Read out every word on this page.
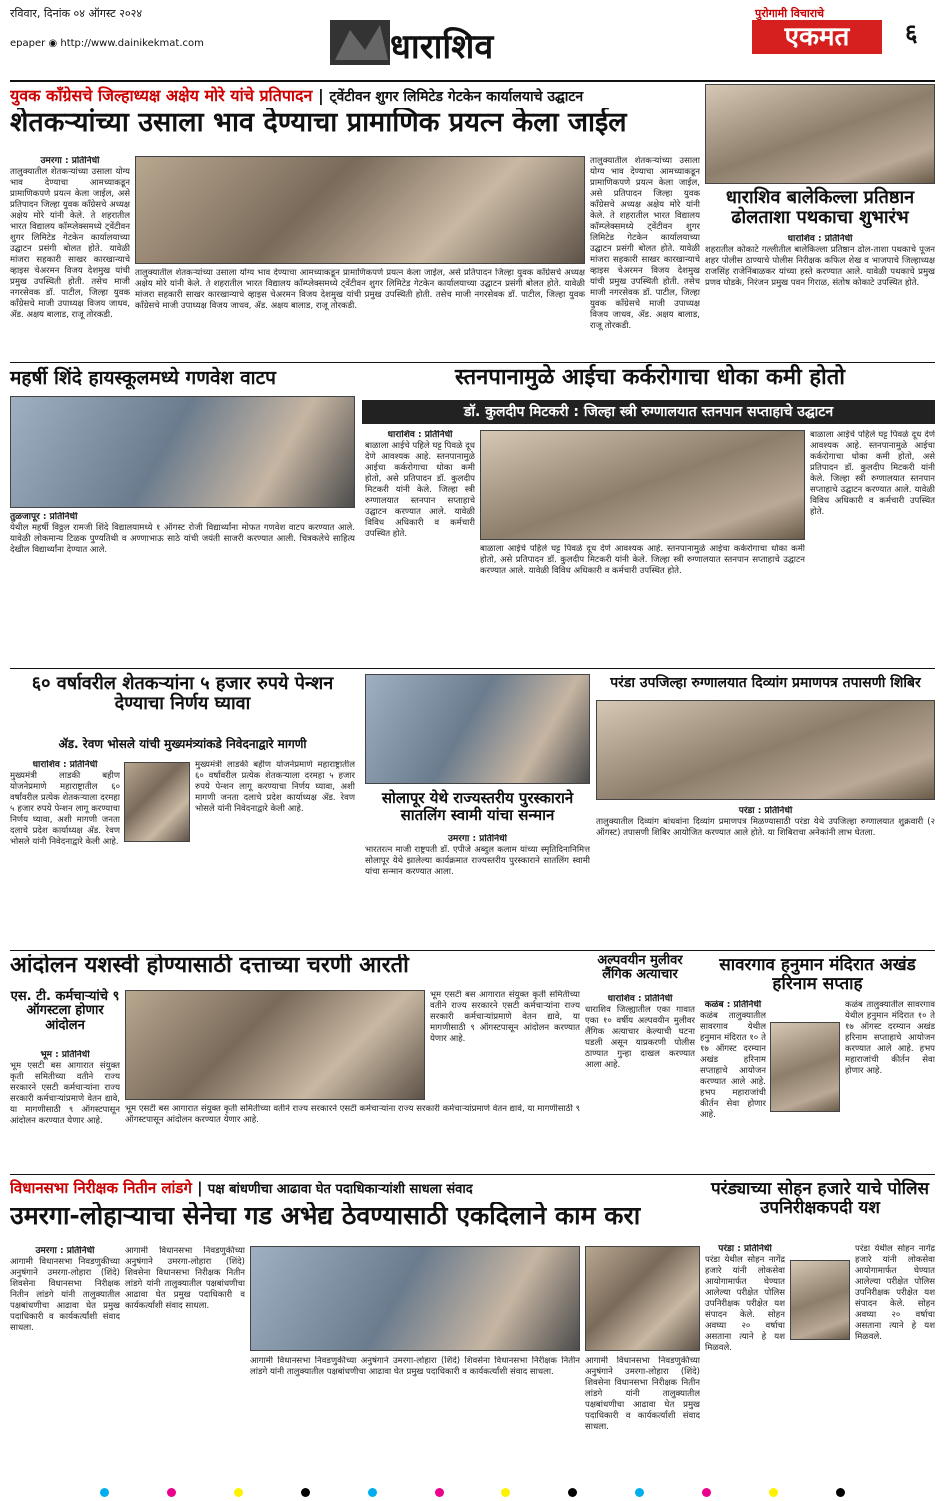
रविवार, दिनांक ०४ ऑगस्ट २०२४
epaper ◉ http://www.dainikekmat.com	धाराशिव
पुरोगामी विचाराचे
एकमत	६
युवक काँग्रेसचे जिल्हाध्यक्ष अक्षेय मोरे यांचे प्रतिपादन | ट्वेंटीवन शुगर लिमिटेड गेटकेन कार्यालयाचे उद्घाटन
शेतकऱ्यांच्या उसाला भाव देण्याचा प्रामाणिक प्रयत्न केला जाईल
उमरगा : प्रतिनिधी
तालुक्यातील शेतकऱ्यांच्या उसाला योग्य भाव देण्याचा आमच्याकडून प्रामाणिकपणे प्रयत्न केला जाईल, असे प्रतिपादन जिल्हा युवक काँग्रेसचे अध्यक्ष अक्षेय मोरे यांनी केले. ते शहरातील भारत विद्यालय कॉम्प्लेक्समध्ये ट्वेंटीवन शुगर लिमिटेड गेटकेन कार्यालयाच्या उद्घाटन प्रसंगी बोलत होते. यावेळी मांजरा सहकारी साखर कारखान्याचे व्हाइस चेअरमन विजय देशमुख यांची प्रमुख उपस्थिती होती. तसेच माजी नगरसेवक डॉ. पाटील, जिल्हा युवक काँग्रेसचे माजी उपाध्यक्ष विजय जाधव, ॲड. अक्षय बालाड, राजू तोरकडी.
तालुक्यातील शेतकऱ्यांच्या उसाला योग्य भाव देण्याचा आमच्याकडून प्रामाणिकपणे प्रयत्न केला जाईल, असे प्रतिपादन जिल्हा युवक काँग्रेसचे अध्यक्ष अक्षेय मोरे यांनी केले. ते शहरातील भारत विद्यालय कॉम्प्लेक्समध्ये ट्वेंटीवन शुगर लिमिटेड गेटकेन कार्यालयाच्या उद्घाटन प्रसंगी बोलत होते. यावेळी मांजरा सहकारी साखर कारखान्याचे व्हाइस चेअरमन विजय देशमुख यांची प्रमुख उपस्थिती होती. तसेच माजी नगरसेवक डॉ. पाटील, जिल्हा युवक काँग्रेसचे माजी उपाध्यक्ष विजय जाधव, ॲड. अक्षय बालाड, राजू तोरकडी.
तालुक्यातील शेतकऱ्यांच्या उसाला योग्य भाव देण्याचा आमच्याकडून प्रामाणिकपणे प्रयत्न केला जाईल, असे प्रतिपादन जिल्हा युवक काँग्रेसचे अध्यक्ष अक्षेय मोरे यांनी केले. ते शहरातील भारत विद्यालय कॉम्प्लेक्समध्ये ट्वेंटीवन शुगर लिमिटेड गेटकेन कार्यालयाच्या उद्घाटन प्रसंगी बोलत होते. यावेळी मांजरा सहकारी साखर कारखान्याचे व्हाइस चेअरमन विजय देशमुख यांची प्रमुख उपस्थिती होती. तसेच माजी नगरसेवक डॉ. पाटील, जिल्हा युवक काँग्रेसचे माजी उपाध्यक्ष विजय जाधव, ॲड. अक्षय बालाड, राजू तोरकडी.
धाराशिव बालेकिल्ला प्रतिष्ठान ढोलताशा पथकाचा शुभारंभ
धाराशिव : प्रतिनिधी
शहरातील कोकाटे गल्लीतील बालेकिल्ला प्रतिष्ठान ढोल-ताशा पथकाचे पूजन शहर पोलीस ठाण्याचे पोलीस निरीक्षक कफिल शेख व भाजपाचे जिल्हाध्यक्ष राजसिंह राजेनिंबाळकर यांच्या हस्ते करण्यात आले. यावेळी पथकाचे प्रमुख प्रणव घोडके, निरंजन प्रमुख पवन गिराळ, संतोष कोकाटे उपस्थित होते.
महर्षी शिंदे हायस्कूलमध्ये गणवेश वाटप
तुळजापूर : प्रतिनिधी
येथील महर्षी विठ्ठल रामजी शिंदे विद्यालयामध्ये १ ऑगस्ट रोजी विद्यार्थ्यांना मोफत गणवेश वाटप करण्यात आले. यावेळी लोकमान्य टिळक पुण्यतिथी व अण्णाभाऊ साठे यांची जयंती साजरी करण्यात आली. चित्रकलेचे साहित्य देखील विद्यार्थ्यांना देण्यात आले.
स्तनपानामुळे आईचा कर्करोगाचा धोका कमी होतो
डॉ. कुलदीप मिटकरी : जिल्हा स्त्री रुग्णालयात स्तनपान सप्ताहाचे उद्घाटन
धाराशिव : प्रतिनिधी
बाळाला आईचे पहिले घट्ट पिवळे दूध देणे आवश्यक आहे. स्तनपानामुळे आईचा कर्करोगाचा धोका कमी होतो, असे प्रतिपादन डॉ. कुलदीप मिटकरी यांनी केले. जिल्हा स्त्री रुग्णालयात स्तनपान सप्ताहाचे उद्घाटन करण्यात आले. यावेळी विविध अधिकारी व कर्मचारी उपस्थित होते.
बाळाला आईचे पहिले घट्ट पिवळे दूध देणे आवश्यक आहे. स्तनपानामुळे आईचा कर्करोगाचा धोका कमी होतो, असे प्रतिपादन डॉ. कुलदीप मिटकरी यांनी केले. जिल्हा स्त्री रुग्णालयात स्तनपान सप्ताहाचे उद्घाटन करण्यात आले. यावेळी विविध अधिकारी व कर्मचारी उपस्थित होते.
बाळाला आईचे पहिले घट्ट पिवळे दूध देणे आवश्यक आहे. स्तनपानामुळे आईचा कर्करोगाचा धोका कमी होतो, असे प्रतिपादन डॉ. कुलदीप मिटकरी यांनी केले. जिल्हा स्त्री रुग्णालयात स्तनपान सप्ताहाचे उद्घाटन करण्यात आले. यावेळी विविध अधिकारी व कर्मचारी उपस्थित होते.
६० वर्षावरील शेतकऱ्यांना ५ हजार रुपये पेन्शन देण्याचा निर्णय घ्यावा
ॲड. रेवण भोसले यांची मुख्यमंत्र्यांकडे निवेदनाद्वारे मागणी
धाराशिव : प्रतिनिधी
मुख्यमंत्री लाडकी बहीण योजनेप्रमाणे महाराष्ट्रातील ६० वर्षांवरील प्रत्येक शेतकऱ्याला दरमहा ५ हजार रुपये पेन्शन लागू करण्याचा निर्णय घ्यावा, अशी मागणी जनता दलाचे प्रदेश कार्याध्यक्ष ॲड. रेवण भोसले यांनी निवेदनाद्वारे केली आहे.
मुख्यमंत्री लाडकी बहीण योजनेप्रमाणे महाराष्ट्रातील ६० वर्षांवरील प्रत्येक शेतकऱ्याला दरमहा ५ हजार रुपये पेन्शन लागू करण्याचा निर्णय घ्यावा, अशी मागणी जनता दलाचे प्रदेश कार्याध्यक्ष ॲड. रेवण भोसले यांनी निवेदनाद्वारे केली आहे.
सोलापूर येथे राज्यस्तरीय पुरस्काराने सातलिंग स्वामी यांचा सन्मान
उमरगा : प्रतिनिधी
भारतरत्न माजी राष्ट्रपती डॉ. एपीजे अब्दुल कलाम यांच्या स्मृतिदिनानिमित्त सोलापूर येथे झालेल्या कार्यक्रमात राज्यस्तरीय पुरस्काराने सातलिंग स्वामी यांचा सन्मान करण्यात आला.
परंडा उपजिल्हा रुग्णालयात दिव्यांग प्रमाणपत्र तपासणी शिबिर
परंडा : प्रतिनिधी
तालुक्यातील दिव्यांग बांधवांना दिव्यांग प्रमाणपत्र मिळण्यासाठी परंडा येथे उपजिल्हा रुग्णालयात शुक्रवारी (२ ऑगस्ट) तपासणी शिबिर आयोजित करण्यात आले होते. या शिबिराचा अनेकांनी लाभ घेतला.
आंदोलन यशस्वी होण्यासाठी दत्ताच्या चरणी आरती
एस. टी. कर्मचाऱ्यांचे ९ ऑगस्टला होणार आंदोलन
भूम : प्रतिनिधी
भूम एसटी बस आगारात संयुक्त कृती समितीच्या वतीने राज्य सरकारने एसटी कर्मचाऱ्यांना राज्य सरकारी कर्मचाऱ्यांप्रमाणे वेतन द्यावे, या मागणीसाठी ९ ऑगस्टपासून आंदोलन करण्यात येणार आहे.
भूम एसटी बस आगारात संयुक्त कृती समितीच्या वतीने राज्य सरकारने एसटी कर्मचाऱ्यांना राज्य सरकारी कर्मचाऱ्यांप्रमाणे वेतन द्यावे, या मागणीसाठी ९ ऑगस्टपासून आंदोलन करण्यात येणार आहे.
भूम एसटी बस आगारात संयुक्त कृती समितीच्या वतीने राज्य सरकारने एसटी कर्मचाऱ्यांना राज्य सरकारी कर्मचाऱ्यांप्रमाणे वेतन द्यावे, या मागणीसाठी ९ ऑगस्टपासून आंदोलन करण्यात येणार आहे.
अल्पवयीन मुलीवर लैंगिक अत्याचार
धाराशिव : प्रतिनिधी
धाराशिव जिल्ह्यातील एका गावात एका १० वर्षीय अल्पवयीन मुलीवर लैंगिक अत्याचार केल्याची घटना घडली असून याप्रकरणी पोलीस ठाण्यात गुन्हा दाखल करण्यात आला आहे.
सावरगाव हनुमान मंदिरात अखंड हरिनाम सप्ताह
कळंब : प्रतिनिधी
कळंब तालुक्यातील सावरगाव येथील हनुमान मंदिरात १० ते १७ ऑगस्ट दरम्यान अखंड हरिनाम सप्ताहाचे आयोजन करण्यात आले आहे. हभप महाराजांची कीर्तन सेवा होणार आहे.
कळंब तालुक्यातील सावरगाव येथील हनुमान मंदिरात १० ते १७ ऑगस्ट दरम्यान अखंड हरिनाम सप्ताहाचे आयोजन करण्यात आले आहे. हभप महाराजांची कीर्तन सेवा होणार आहे.
विधानसभा निरीक्षक नितीन लांडगे | पक्ष बांधणीचा आढावा घेत पदाधिकाऱ्यांशी साधला संवाद
उमरगा-लोहाऱ्याचा सेनेचा गड अभेद्य ठेवण्यासाठी एकदिलाने काम करा
उमरगा : प्रतिनिधी
आगामी विधानसभा निवडणुकीच्या अनुषंगाने उमरगा-लोहारा (शिंदे) शिवसेना विधानसभा निरीक्षक नितीन लांडगे यांनी तालुक्यातील पक्षबांधणीचा आढावा घेत प्रमुख पदाधिकारी व कार्यकर्त्यांशी संवाद साधला.
आगामी विधानसभा निवडणुकीच्या अनुषंगाने उमरगा-लोहारा (शिंदे) शिवसेना विधानसभा निरीक्षक नितीन लांडगे यांनी तालुक्यातील पक्षबांधणीचा आढावा घेत प्रमुख पदाधिकारी व कार्यकर्त्यांशी संवाद साधला.
आगामी विधानसभा निवडणुकीच्या अनुषंगाने उमरगा-लोहारा (शिंदे) शिवसेना विधानसभा निरीक्षक नितीन लांडगे यांनी तालुक्यातील पक्षबांधणीचा आढावा घेत प्रमुख पदाधिकारी व कार्यकर्त्यांशी संवाद साधला.
आगामी विधानसभा निवडणुकीच्या अनुषंगाने उमरगा-लोहारा (शिंदे) शिवसेना विधानसभा निरीक्षक नितीन लांडगे यांनी तालुक्यातील पक्षबांधणीचा आढावा घेत प्रमुख पदाधिकारी व कार्यकर्त्यांशी संवाद साधला.
परंड्याच्या सोहन हजारे याचे पोलिस उपनिरीक्षकपदी यश
परंडा : प्रतिनिधी
परंडा येथील सोहन नागेंद्र हजारे यांनी लोकसेवा आयोगामार्फत घेण्यात आलेल्या परीक्षेत पोलिस उपनिरीक्षक परीक्षेत यश संपादन केले. सोहन अवघ्या २० वर्षाचा असताना त्याने हे यश मिळवले.
परंडा येथील सोहन नागेंद्र हजारे यांनी लोकसेवा आयोगामार्फत घेण्यात आलेल्या परीक्षेत पोलिस उपनिरीक्षक परीक्षेत यश संपादन केले. सोहन अवघ्या २० वर्षाचा असताना त्याने हे यश मिळवले.
